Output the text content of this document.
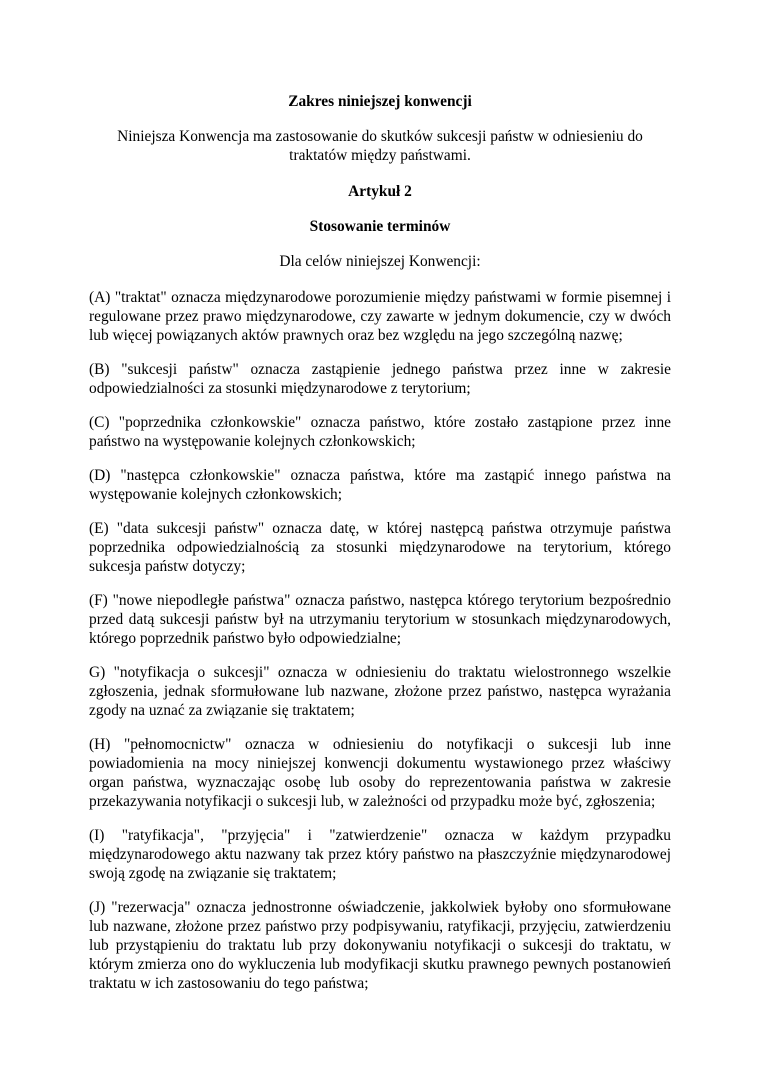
Zakres niniejszej konwencji

Niniejsza Konwencja ma zastosowanie do skutków sukcesji państw w odniesieniu do traktatów między państwami.

Artykuł 2

Stosowanie terminów

Dla celów niniejszej Konwencji:

(A) "traktat" oznacza międzynarodowe porozumienie między państwami w formie pisemnej i regulowane przez prawo międzynarodowe, czy zawarte w jednym dokumencie, czy w dwóch lub więcej powiązanych aktów prawnych oraz bez względu na jego szczególną nazwę;

(B) "sukcesji państw" oznacza zastąpienie jednego państwa przez inne w zakresie odpowiedzialności za stosunki międzynarodowe z terytorium;

(C) "poprzednika członkowskie" oznacza państwo, które zostało zastąpione przez inne państwo na występowanie kolejnych członkowskich;

(D) "następca członkowskie" oznacza państwa, które ma zastąpić innego państwa na występowanie kolejnych członkowskich;

(E) "data sukcesji państw" oznacza datę, w której następcą państwa otrzymuje państwa poprzednika odpowiedzialnością za stosunki międzynarodowe na terytorium, którego sukcesja państw dotyczy;

(F) "nowe niepodległe państwa" oznacza państwo, następca którego terytorium bezpośrednio przed datą sukcesji państw był na utrzymaniu terytorium w stosunkach międzynarodowych, którego poprzednik państwo było odpowiedzialne;

G) "notyfikacja o sukcesji" oznacza w odniesieniu do traktatu wielostronnego wszelkie zgłoszenia, jednak sformułowane lub nazwane, złożone przez państwo, następca wyrażania zgody na uznać za związanie się traktatem;

(H) "pełnomocnictw" oznacza w odniesieniu do notyfikacji o sukcesji lub inne powiadomienia na mocy niniejszej konwencji dokumentu wystawionego przez właściwy organ państwa, wyznaczając osobę lub osoby do reprezentowania państwa w zakresie przekazywania notyfikacji o sukcesji lub, w zależności od przypadku może być, zgłoszenia;

(I) "ratyfikacja", "przyjęcia" i "zatwierdzenie" oznacza w każdym przypadku międzynarodowego aktu nazwany tak przez który państwo na płaszczyźnie międzynarodowej swoją zgodę na związanie się traktatem;

(J) "rezerwacja" oznacza jednostronne oświadczenie, jakkolwiek byłoby ono sformułowane lub nazwane, złożone przez państwo przy podpisywaniu, ratyfikacji, przyjęciu, zatwierdzeniu lub przystąpieniu do traktatu lub przy dokonywaniu notyfikacji o sukcesji do traktatu, w którym zmierza ono do wykluczenia lub modyfikacji skutku prawnego pewnych postanowień traktatu w ich zastosowaniu do tego państwa;
